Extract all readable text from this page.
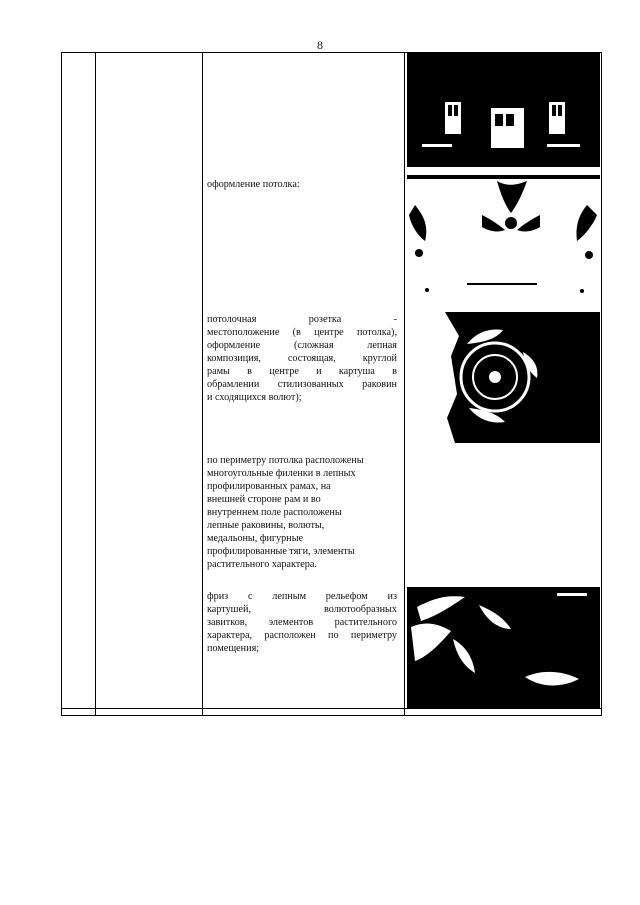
8
оформление потолка:
потолочная розетка -
местоположение (в центре потолка),
оформление (сложная лепная
композиция, состоящая, круглой
рамы в центре и картуша в
обрамлении стилизованных раковин
и сходящихся волют);
по периметру потолка расположены
многоугольные филенки в лепных
профилированных рамах, на
внешней стороне рам и во
внутреннем поле расположены
лепные раковины, волюты,
медальоны, фигурные
профилированные тяги, элементы
растительного характера.
фриз с лепным рельефом из
картушей, волютообразных
завитков, элементов растительного
характера, расположен по периметру
помещения;
